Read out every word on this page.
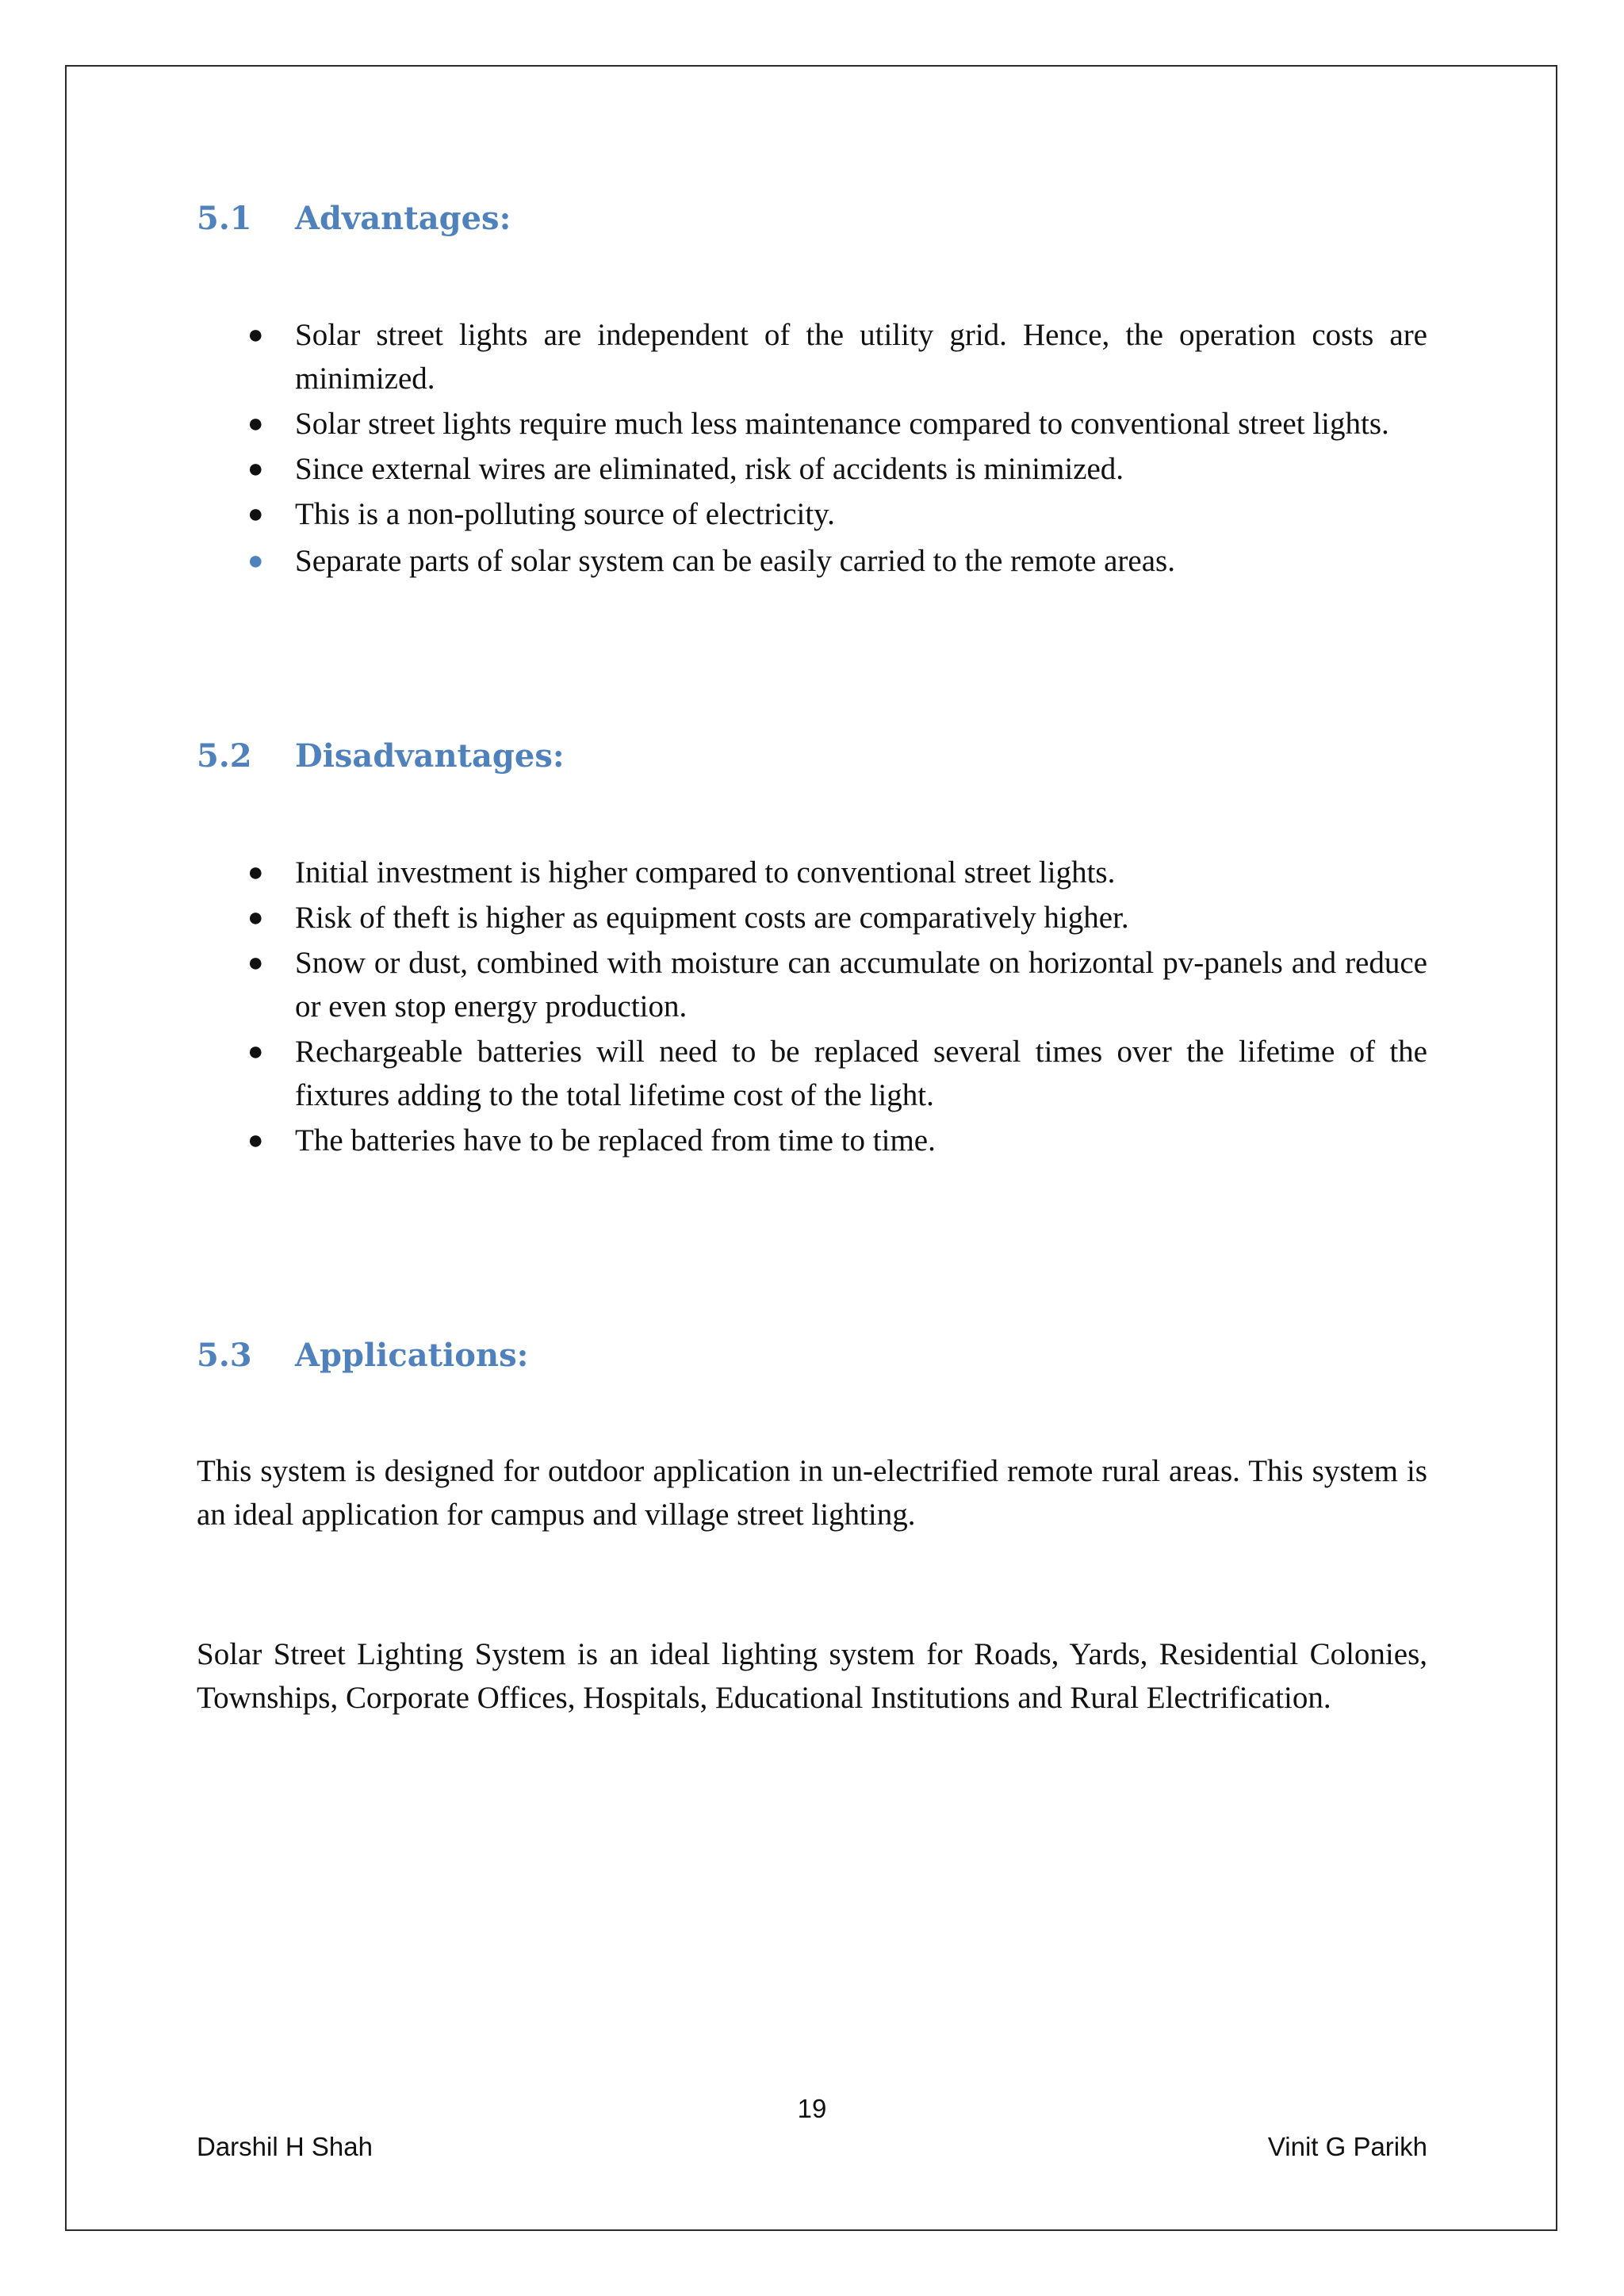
5.1 Advantages:
● Solar street lights are independent of the utility grid. Hence, the operation costs are minimized.
● Solar street lights require much less maintenance compared to conventional street lights.
● Since external wires are eliminated, risk of accidents is minimized.
● This is a non-polluting source of electricity.
● Separate parts of solar system can be easily carried to the remote areas.
5.2 Disadvantages:
● Initial investment is higher compared to conventional street lights.
● Risk of theft is higher as equipment costs are comparatively higher.
● Snow or dust, combined with moisture can accumulate on horizontal pv-panels and reduce or even stop energy production.
● Rechargeable batteries will need to be replaced several times over the lifetime of the fixtures adding to the total lifetime cost of the light.
● The batteries have to be replaced from time to time.
5.3 Applications:

This system is designed for outdoor application in un-electrified remote rural areas. This system is an ideal application for campus and village street lighting.

Solar Street Lighting System is an ideal lighting system for Roads, Yards, Residential Colonies, Townships, Corporate Offices, Hospitals, Educational Institutions and Rural Electrification.

19
Darshil H Shah	Vinit G Parikh
